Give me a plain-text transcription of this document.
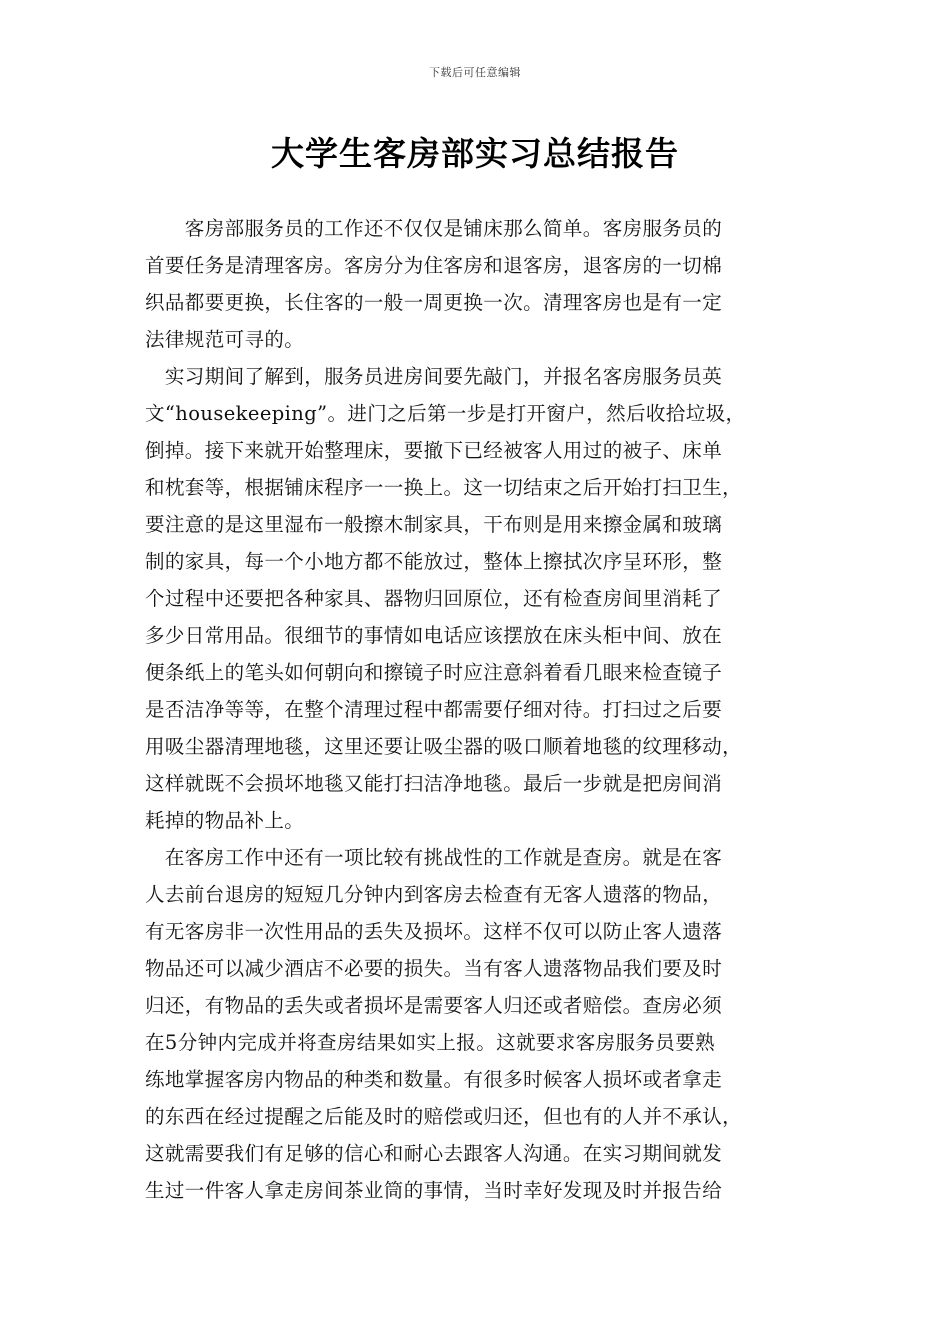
下载后可任意编辑
大学生客房部实习总结报告
　　客房部服务员的工作还不仅仅是铺床那么简单。客房服务员的
首要任务是清理客房。客房分为住客房和退客房，退客房的一切棉
织品都要更换，长住客的一般一周更换一次。清理客房也是有一定
法律规范可寻的。
　实习期间了解到，服务员进房间要先敲门，并报名客房服务员英
文“housekeeping”。进门之后第一步是打开窗户，然后收拾垃圾，
倒掉。接下来就开始整理床，要撤下已经被客人用过的被子、床单
和枕套等，根据铺床程序一一换上。这一切结束之后开始打扫卫生，
要注意的是这里湿布一般擦木制家具，干布则是用来擦金属和玻璃
制的家具，每一个小地方都不能放过，整体上擦拭次序呈环形，整
个过程中还要把各种家具、器物归回原位，还有检查房间里消耗了
多少日常用品。很细节的事情如电话应该摆放在床头柜中间、放在
便条纸上的笔头如何朝向和擦镜子时应注意斜着看几眼来检查镜子
是否洁净等等，在整个清理过程中都需要仔细对待。打扫过之后要
用吸尘器清理地毯，这里还要让吸尘器的吸口顺着地毯的纹理移动，
这样就既不会损坏地毯又能打扫洁净地毯。最后一步就是把房间消
耗掉的物品补上。
　在客房工作中还有一项比较有挑战性的工作就是查房。就是在客
人去前台退房的短短几分钟内到客房去检查有无客人遗落的物品，
有无客房非一次性用品的丢失及损坏。这样不仅可以防止客人遗落
物品还可以减少酒店不必要的损失。当有客人遗落物品我们要及时
归还，有物品的丢失或者损坏是需要客人归还或者赔偿。查房必须
在5分钟内完成并将查房结果如实上报。这就要求客房服务员要熟
练地掌握客房内物品的种类和数量。有很多时候客人损坏或者拿走
的东西在经过提醒之后能及时的赔偿或归还，但也有的人并不承认，
这就需要我们有足够的信心和耐心去跟客人沟通。在实习期间就发
生过一件客人拿走房间茶业筒的事情，当时幸好发现及时并报告给
